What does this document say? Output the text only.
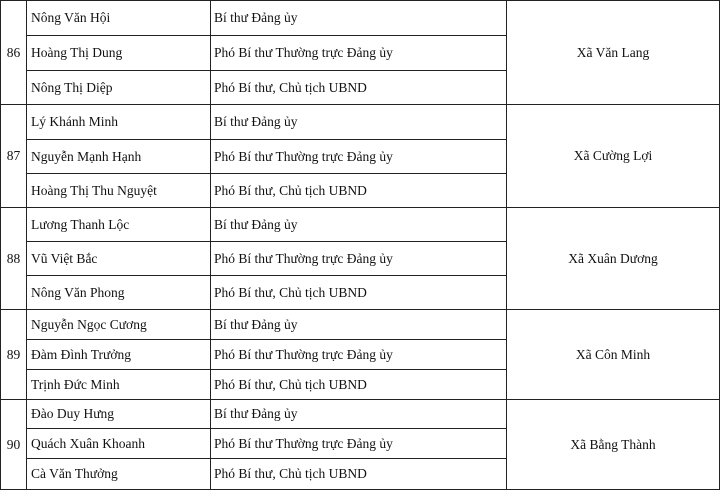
86	Nông Văn Hội	Bí thư Đảng ủy	Xã Văn Lang
	Hoàng Thị Dung	Phó Bí thư Thường trực Đảng ủy	
	Nông Thị Diệp	Phó Bí thư, Chủ tịch UBND	
87	Lý Khánh Minh	Bí thư Đảng ủy	Xã Cường Lợi
	Nguyễn Mạnh Hạnh	Phó Bí thư Thường trực Đảng ủy	
	Hoàng Thị Thu Nguyệt	Phó Bí thư, Chủ tịch UBND	
88	Lương Thanh Lộc	Bí thư Đảng ủy	Xã Xuân Dương
	Vũ Việt Bắc	Phó Bí thư Thường trực Đảng ủy	
	Nông Văn Phong	Phó Bí thư, Chủ tịch UBND	
89	Nguyễn Ngọc Cương	Bí thư Đảng ủy	Xã Côn Minh
	Đàm Đình Trưởng	Phó Bí thư Thường trực Đảng ủy	
	Trịnh Đức Minh	Phó Bí thư, Chủ tịch UBND	
90	Đào Duy Hưng	Bí thư Đảng ủy	Xã Bằng Thành
	Quách Xuân Khoanh	Phó Bí thư Thường trực Đảng ủy	
	Cà Văn Thưởng	Phó Bí thư, Chủ tịch UBND	
